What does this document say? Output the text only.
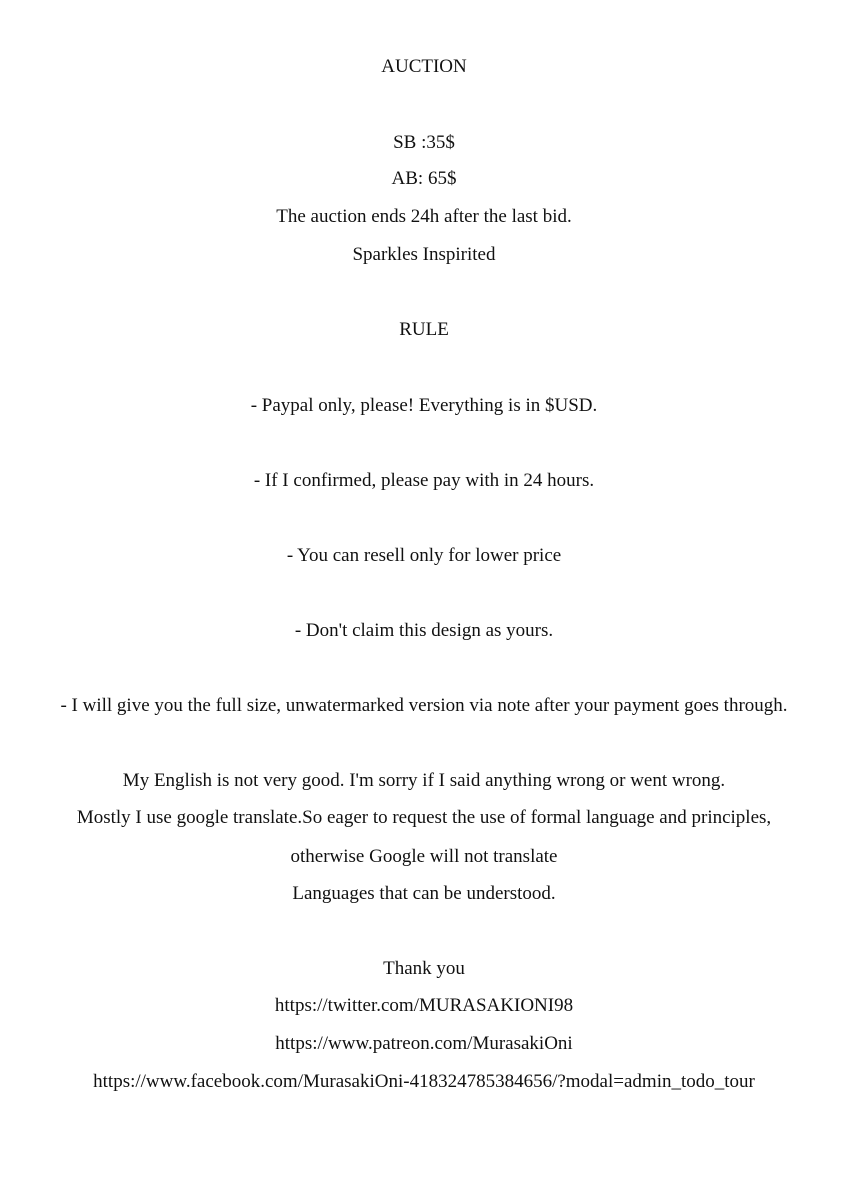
AUCTION
SB :35$
AB: 65$
The auction ends 24h after the last bid.
Sparkles Inspirited
RULE
- Paypal only, please! Everything is in $USD.
- If I confirmed, please pay with in 24 hours.
- You can resell only for lower price
- Don't claim this design as yours.
- I will give you the full size, unwatermarked version via note after your payment goes through.
My English is not very good. I'm sorry if I said anything wrong or went wrong.
Mostly I use google translate.So eager to request the use of formal language and principles,
otherwise Google will not translate
Languages that can be understood.
Thank you
https://twitter.com/MURASAKIONI98
https://www.patreon.com/MurasakiOni
https://www.facebook.com/MurasakiOni-418324785384656/?modal=admin_todo_tour
